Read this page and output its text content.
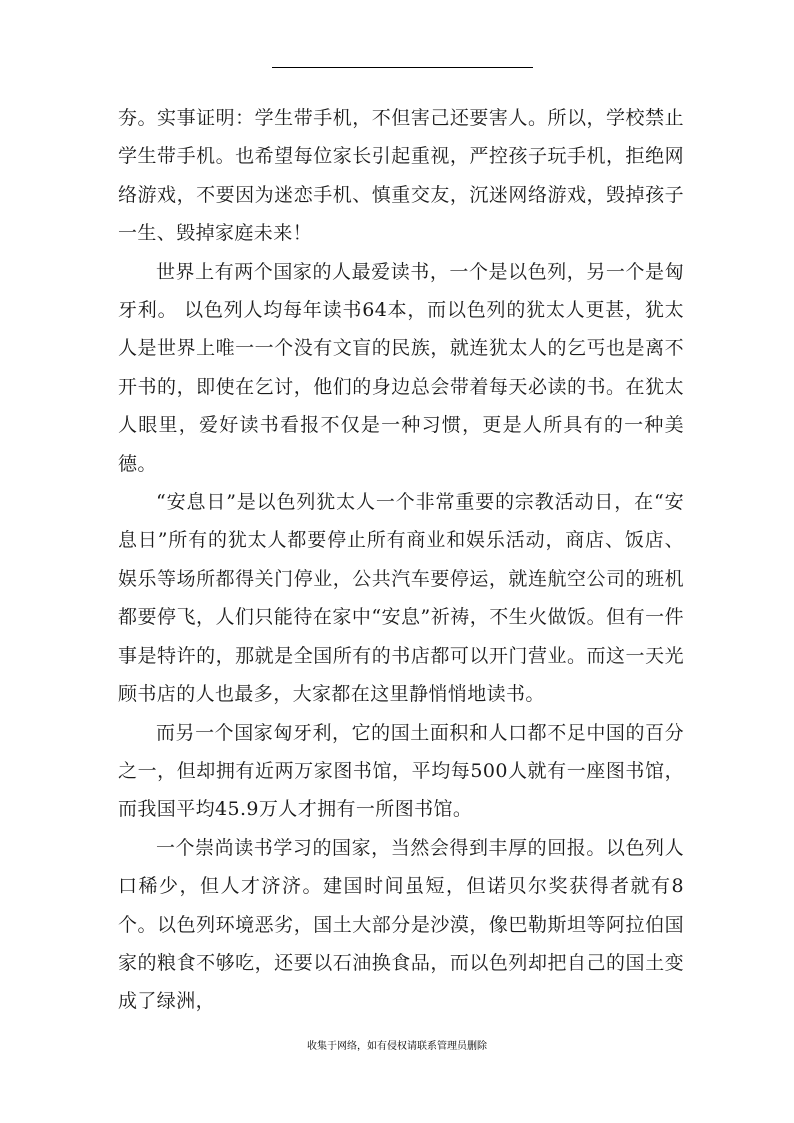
夯。实事证明：学生带手机，不但害己还要害人。所以，学校禁止学生带手机。也希望每位家长引起重视，严控孩子玩手机，拒绝网络游戏，不要因为迷恋手机、慎重交友，沉迷网络游戏，毁掉孩子一生、毁掉家庭未来！

世界上有两个国家的人最爱读书，一个是以色列，另一个是匈牙利。 以色列人均每年读书64本，而以色列的犹太人更甚，犹太人是世界上唯一一个没有文盲的民族，就连犹太人的乞丐也是离不开书的，即使在乞讨，他们的身边总会带着每天必读的书。在犹太人眼里，爱好读书看报不仅是一种习惯，更是人所具有的一种美德。

“安息日”是以色列犹太人一个非常重要的宗教活动日，在“安息日”所有的犹太人都要停止所有商业和娱乐活动，商店、饭店、娱乐等场所都得关门停业，公共汽车要停运，就连航空公司的班机都要停飞，人们只能待在家中“安息”祈祷，不生火做饭。但有一件事是特许的，那就是全国所有的书店都可以开门营业。而这一天光顾书店的人也最多，大家都在这里静悄悄地读书。

而另一个国家匈牙利，它的国土面积和人口都不足中国的百分之一，但却拥有近两万家图书馆，平均每500人就有一座图书馆，而我国平均45.9万人才拥有一所图书馆。

一个崇尚读书学习的国家，当然会得到丰厚的回报。以色列人口稀少，但人才济济。建国时间虽短，但诺贝尔奖获得者就有8个。以色列环境恶劣，国土大部分是沙漠，像巴勒斯坦等阿拉伯国家的粮食不够吃，还要以石油换食品，而以色列却把自己的国土变成了绿洲，

收集于网络，如有侵权请联系管理员删除
